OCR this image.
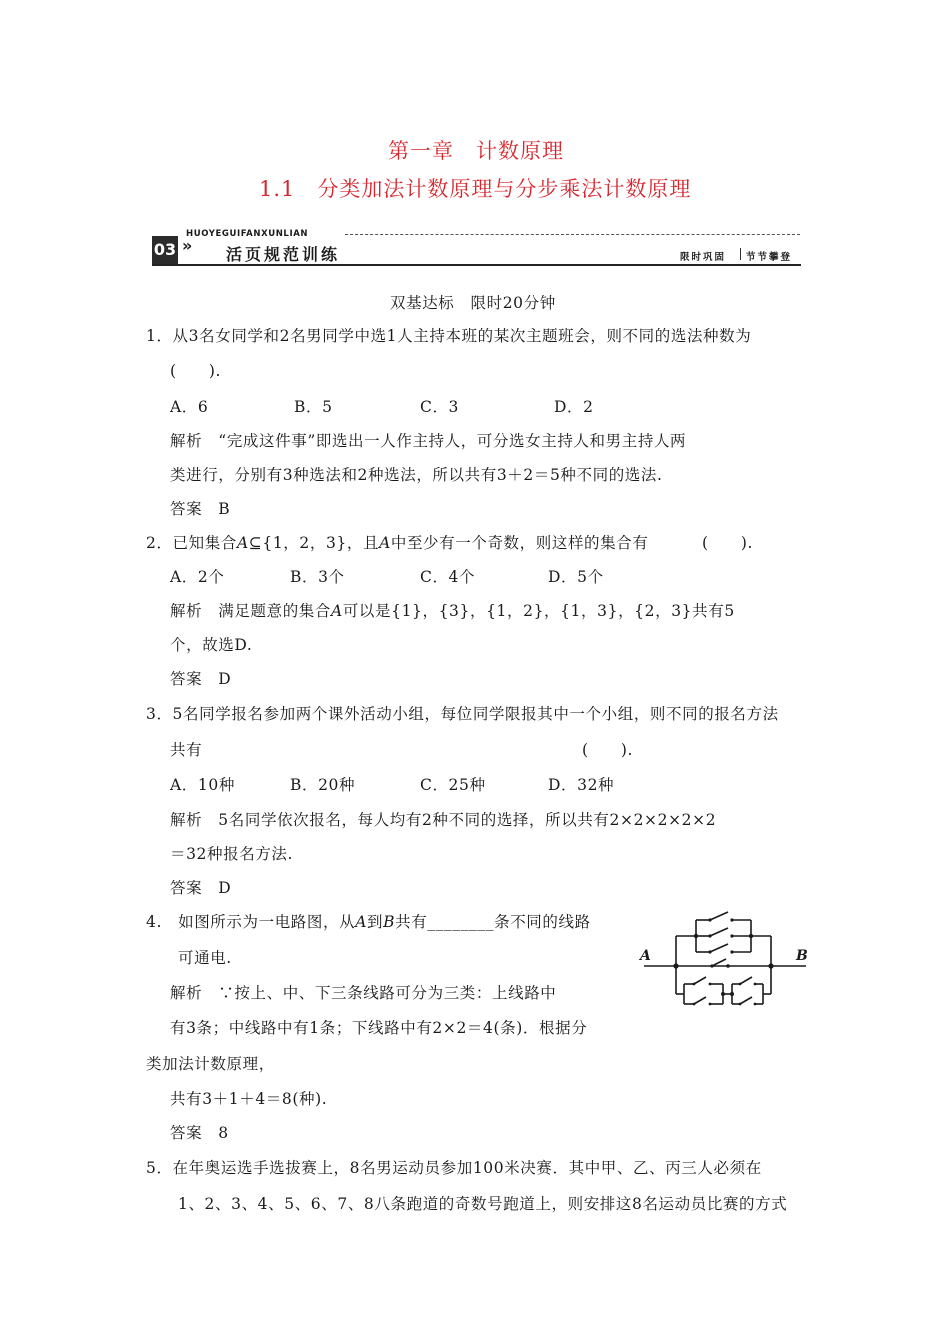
第一章　计数原理
1.1　分类加法计数原理与分步乘法计数原理
HUOYEGUIFANXUNLIAN
03 » 活页规范训练	限时巩固 节节攀登
双基达标　限时20分钟
1．从3名女同学和2名男同学中选1人主持本班的某次主题班会，则不同的选法种数为
(　　).
A．6	B．5	C．3	D．2
解析　“完成这件事”即选出一人作主持人，可分选女主持人和男主持人两
类进行，分别有3种选法和2种选法，所以共有3＋2＝5种不同的选法.
答案　B
2．已知集合A⊆{1，2，3}，且A中至少有一个奇数，则这样的集合有	(　　).
A．2个	B．3个	C．4个	D．5个
解析　满足题意的集合A可以是{1}，{3}，{1，2}，{1，3}，{2，3}共有5
个，故选D.
答案　D
3．5名同学报名参加两个课外活动小组，每位同学限报其中一个小组，则不同的报名方法
共有	(　　).
A．10种	B．20种	C．25种	D．32种
解析　5名同学依次报名，每人均有2种不同的选择，所以共有2×2×2×2×2
＝32种报名方法.
答案　D
4.　如图所示为一电路图，从A到B共有________条不同的线路
可通电.
解析　∵按上、中、下三条线路可分为三类：上线路中
有3条；中线路中有1条；下线路中有2×2＝4(条)．根据分
类加法计数原理，
共有3＋1＋4＝8(种).
答案　8
A	B
5．在年奥运选手选拔赛上，8名男运动员参加100米决赛．其中甲、乙、丙三人必须在
1、2、3、4、5、6、7、8八条跑道的奇数号跑道上，则安排这8名运动员比赛的方式
